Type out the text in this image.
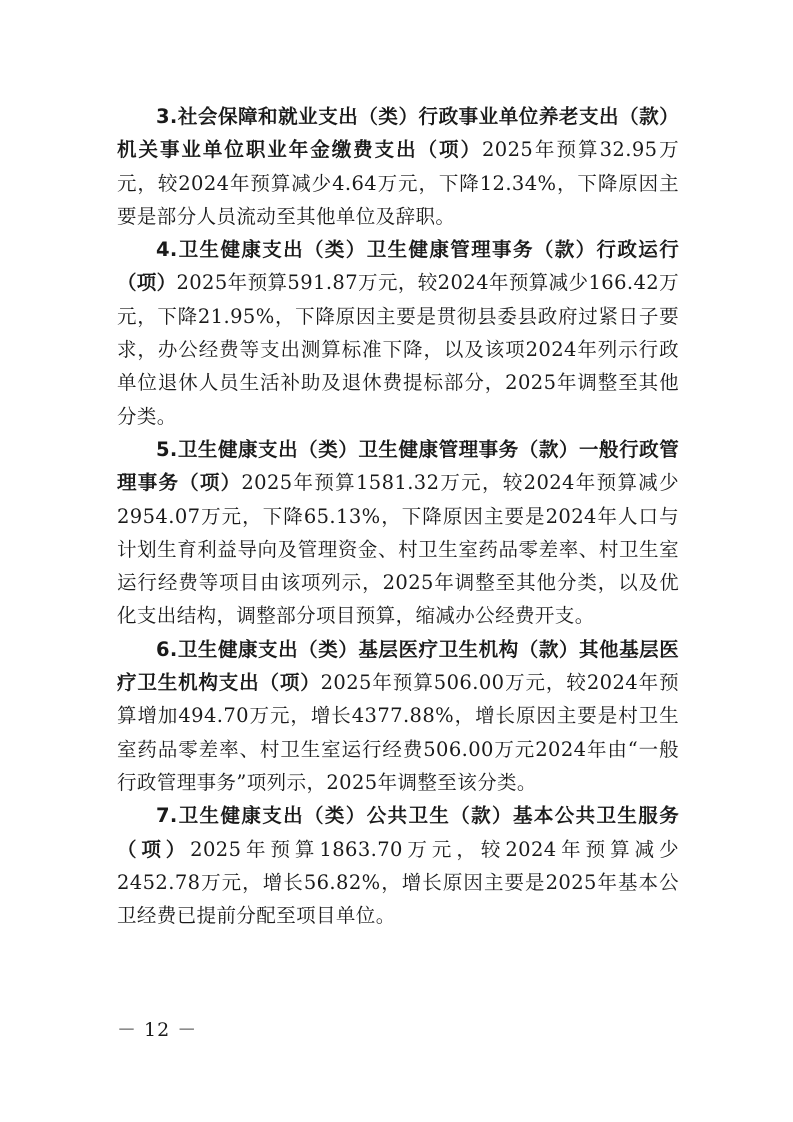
3.社会保障和就业支出（类）行政事业单位养老支出（款）机关事业单位职业年金缴费支出（项）2025年预算32.95万元，较2024年预算减少4.64万元，下降12.34%，下降原因主要是部分人员流动至其他单位及辞职。

4.卫生健康支出（类）卫生健康管理事务（款）行政运行（项）2025年预算591.87万元，较2024年预算减少166.42万元，下降21.95%，下降原因主要是贯彻县委县政府过紧日子要求，办公经费等支出测算标准下降，以及该项2024年列示行政单位退休人员生活补助及退休费提标部分，2025年调整至其他分类。

5.卫生健康支出（类）卫生健康管理事务（款）一般行政管理事务（项）2025年预算1581.32万元，较2024年预算减少2954.07万元，下降65.13%，下降原因主要是2024年人口与计划生育利益导向及管理资金、村卫生室药品零差率、村卫生室运行经费等项目由该项列示，2025年调整至其他分类，以及优化支出结构，调整部分项目预算，缩减办公经费开支。

6.卫生健康支出（类）基层医疗卫生机构（款）其他基层医疗卫生机构支出（项）2025年预算506.00万元，较2024年预算增加494.70万元，增长4377.88%，增长原因主要是村卫生室药品零差率、村卫生室运行经费506.00万元2024年由“一般行政管理事务”项列示，2025年调整至该分类。

7.卫生健康支出（类）公共卫生（款）基本公共卫生服务（项）2025年预算1863.70万元，较2024年预算减少2452.78万元，增长56.82%，增长原因主要是2025年基本公卫经费已提前分配至项目单位。

－ 12 －
